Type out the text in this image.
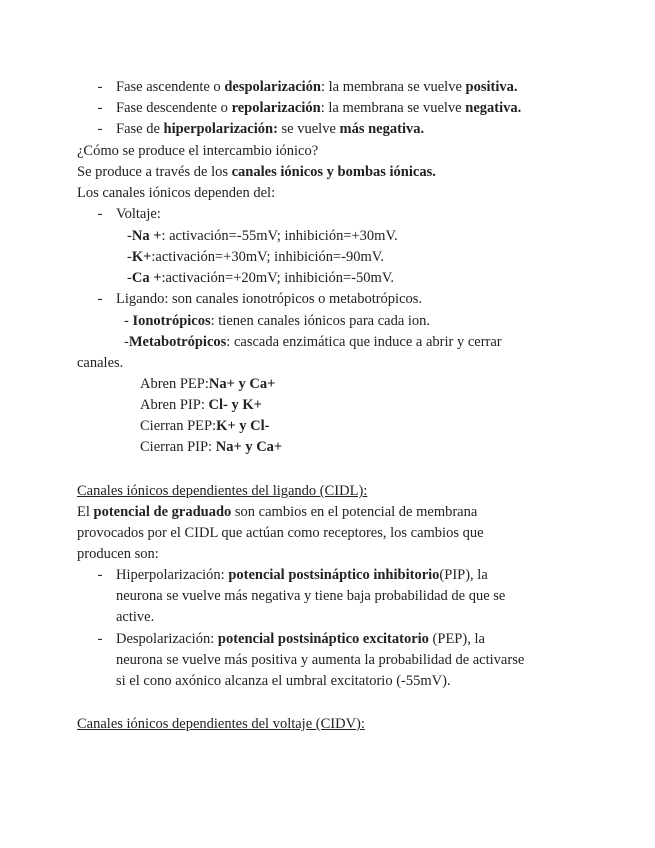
- Fase ascendente o despolarización: la membrana se vuelve positiva.
- Fase descendente o repolarización: la membrana se vuelve negativa.
- Fase de hiperpolarización: se vuelve más negativa.
¿Cómo se produce el intercambio iónico?
Se produce a través de los canales iónicos y bombas iónicas.
Los canales iónicos dependen del:
- Voltaje:
-Na +: activación=-55mV; inhibición=+30mV.
-K+:activación=+30mV; inhibición=-90mV.
-Ca +:activación=+20mV; inhibición=-50mV.
- Ligando: son canales ionotrópicos o metabotrópicos.
- Ionotrópicos: tienen canales iónicos para cada ion.
-Metabotrópicos: cascada enzimática que induce a abrir y cerrar
canales.
Abren PEP:Na+ y Ca+
Abren PIP: Cl- y K+
Cierran PEP:K+ y Cl-
Cierran PIP: Na+ y Ca+
Canales iónicos dependientes del ligando (CIDL):
El potencial de graduado son cambios en el potencial de membrana
provocados por el CIDL que actúan como receptores, los cambios que
producen son:
- Hiperpolarización: potencial postsináptico inhibitorio(PIP), la
neurona se vuelve más negativa y tiene baja probabilidad de que se
active.
- Despolarización: potencial postsináptico excitatorio (PEP), la
neurona se vuelve más positiva y aumenta la probabilidad de activarse
si el cono axónico alcanza el umbral excitatorio (-55mV).
Canales iónicos dependientes del voltaje (CIDV):
